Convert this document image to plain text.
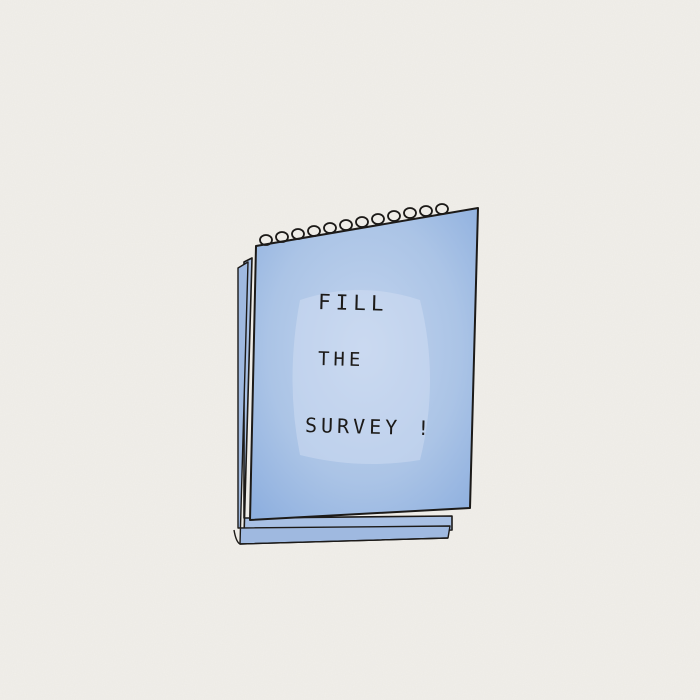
FILL
THE
SURVEY !
